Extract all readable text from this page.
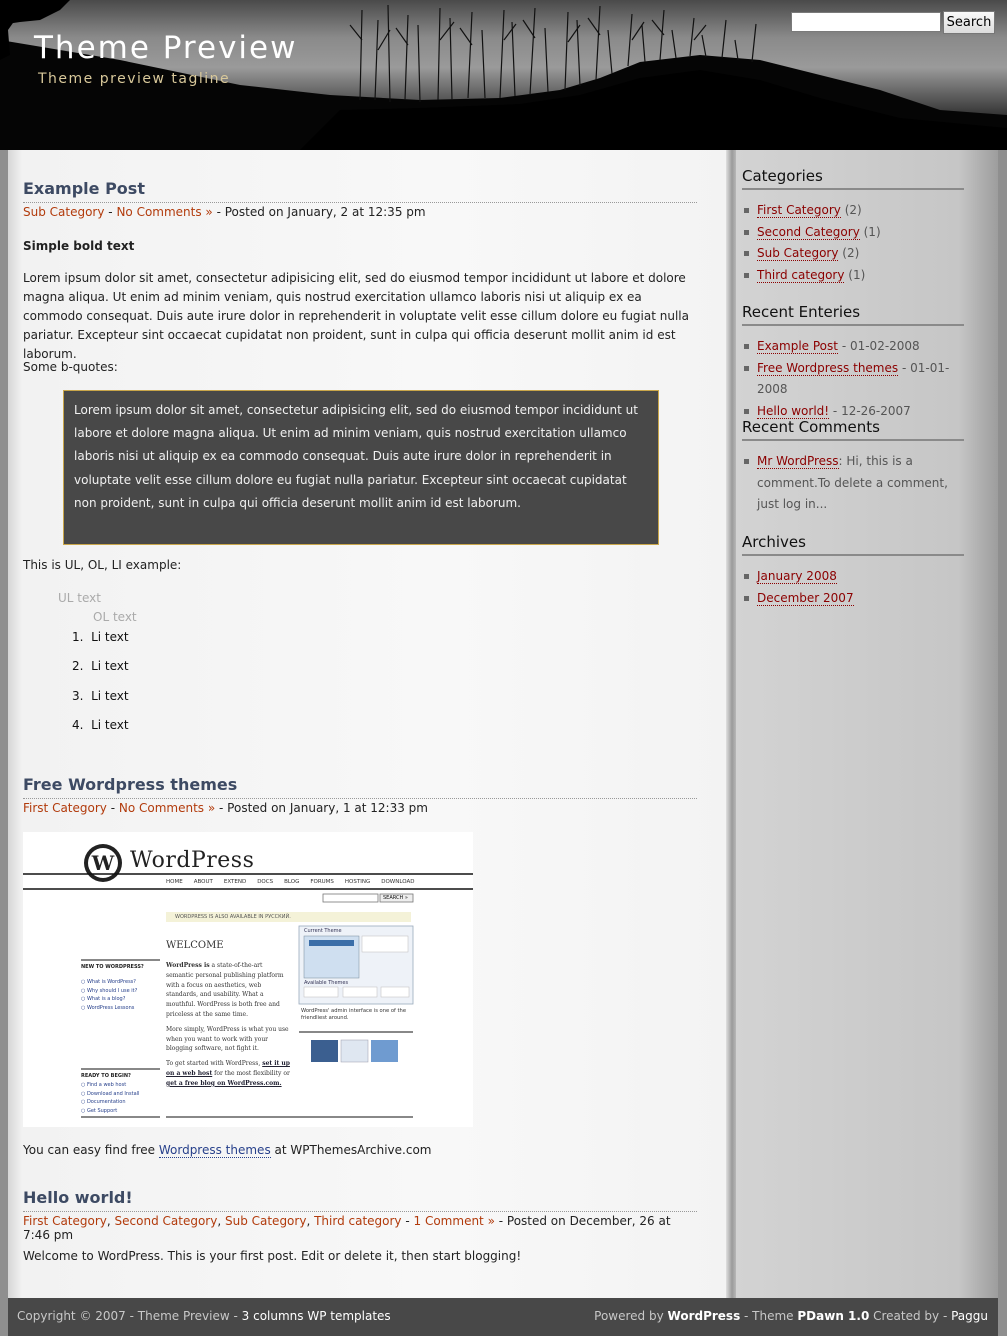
Theme Preview
Theme preview tagline
Search
Example Post
Sub Category - No Comments » - Posted on January, 2 at 12:35 pm

Simple bold text

Lorem ipsum dolor sit amet, consectetur adipisicing elit, sed do eiusmod tempor incididunt ut labore et dolore magna aliqua. Ut enim ad minim veniam, quis nostrud exercitation ullamco laboris nisi ut aliquip ex ea commodo consequat. Duis aute irure dolor in reprehenderit in voluptate velit esse cillum dolore eu fugiat nulla pariatur. Excepteur sint occaecat cupidatat non proident, sunt in culpa qui officia deserunt mollit anim id est laborum.

Some b-quotes:

Lorem ipsum dolor sit amet, consectetur adipisicing elit, sed do eiusmod tempor incididunt ut labore et dolore magna aliqua. Ut enim ad minim veniam, quis nostrud exercitation ullamco laboris nisi ut aliquip ex ea commodo consequat. Duis aute irure dolor in reprehenderit in voluptate velit esse cillum dolore eu fugiat nulla pariatur. Excepteur sint occaecat cupidatat non proident, sunt in culpa qui officia deserunt mollit anim id est laborum.

This is UL, OL, LI example:

UL text
OL text
1.  Li text
2.  Li text
3.  Li text
4.  Li text
Free Wordpress themes
First Category - No Comments » - Posted on January, 1 at 12:33 pm
W WordPress
HOME ABOUT EXTEND DOCS BLOG FORUMS HOSTING DOWNLOAD
SEARCH »
WORDPRESS IS ALSO AVAILABLE IN РУССКИЙ.
WELCOME
WordPress is a state-of-the-art semantic personal publishing platform with a focus on aesthetics, web standards, and usability. What a mouthful. WordPress is both free and priceless at the same time.
More simply, WordPress is what you use when you want to work with your blogging software, not fight it.
To get started with WordPress, set it up on a web host for the most flexibility or get a free blog on WordPress.com.
NEW TO WORDPRESS?
○ What is WordPress?
○ Why should I use it?
○ What is a blog?
○ WordPress Lessons
READY TO BEGIN?
○ Find a web host
○ Download and Install
○ Documentation
○ Get Support
Current Theme
Available Themes
WordPress' admin interface is one of the friendliest around.

You can easy find free Wordpress themes at WPThemesArchive.com

Hello world!
First Category, Second Category, Sub Category, Third category - 1 Comment » - Posted on December, 26 at 7:46 pm

Welcome to WordPress. This is your first post. Edit or delete it, then start blogging!

Categories
First Category (2)
Second Category (1)
Sub Category (2)
Third category (1)
Recent Enteries
Example Post - 01-02-2008
Free Wordpress themes - 01-01-2008
Hello world! - 12-26-2007
Recent Comments
Mr WordPress: Hi, this is a comment.To delete a comment, just log in...
Archives
January 2008
December 2007
Copyright © 2007 - Theme Preview - 3 columns WP templates	Powered by WordPress - Theme PDawn 1.0 Created by - Paggu
